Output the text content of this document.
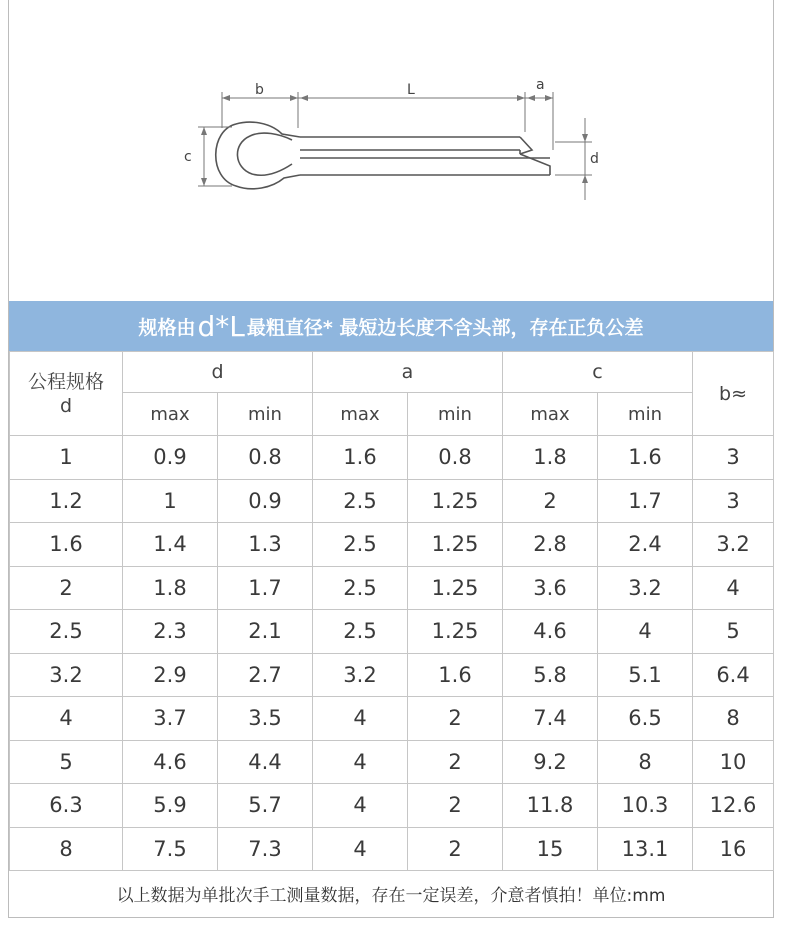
b	L	a
c	d
规格由 d*L 最粗直径* 最短边长度不含头部，存在正负公差
公程规格
d	d		a		c		b≈
	max	min	max	min	max	min	
1	0.9	0.8	1.6	0.8	1.8	1.6	3
1.2	1	0.9	2.5	1.25	2	1.7	3
1.6	1.4	1.3	2.5	1.25	2.8	2.4	3.2
2	1.8	1.7	2.5	1.25	3.6	3.2	4
2.5	2.3	2.1	2.5	1.25	4.6	4	5
3.2	2.9	2.7	3.2	1.6	5.8	5.1	6.4
4	3.7	3.5	4	2	7.4	6.5	8
5	4.6	4.4	4	2	9.2	8	10
6.3	5.9	5.7	4	2	11.8	10.3	12.6
8	7.5	7.3	4	2	15	13.1	16
以上数据为单批次手工测量数据，存在一定误差，介意者慎拍！单位:mm
